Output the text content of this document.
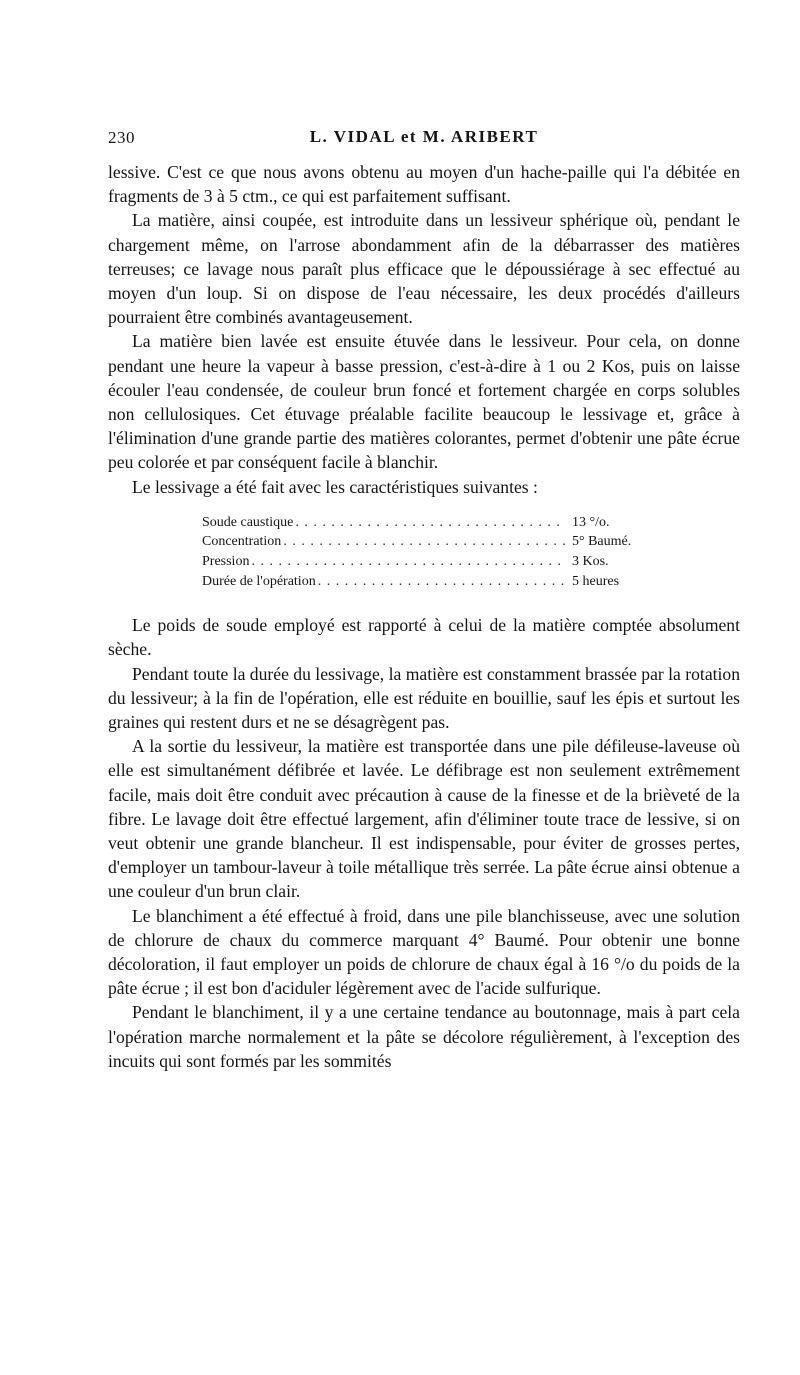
230	L. VIDAL et M. ARIBERT

lessive. C'est ce que nous avons obtenu au moyen d'un hache-paille qui l'a débitée en fragments de 3 à 5 ctm., ce qui est parfaitement suffisant.

La matière, ainsi coupée, est introduite dans un lessiveur sphérique où, pendant le chargement même, on l'arrose abondamment afin de la débarrasser des matières terreuses; ce lavage nous paraît plus efficace que le dépoussiérage à sec effectué au moyen d'un loup. Si on dispose de l'eau nécessaire, les deux procédés d'ailleurs pourraient être combinés avantageusement.

La matière bien lavée est ensuite étuvée dans le lessiveur. Pour cela, on donne pendant une heure la vapeur à basse pression, c'est-à-dire à 1 ou 2 Kos, puis on laisse écouler l'eau condensée, de couleur brun foncé et fortement chargée en corps solubles non cellulosiques. Cet étuvage préalable facilite beaucoup le lessivage et, grâce à l'élimination d'une grande partie des matières colorantes, permet d'obtenir une pâte écrue peu colorée et par conséquent facile à blanchir.

Le lessivage a été fait avec les caractéristiques suivantes :

Soude caustique . . .	13 °/o.
Concentration . . .	5° Baumé.
Pression . . .	3 Kos.
Durée de l'opération . . .	5 heures

Le poids de soude employé est rapporté à celui de la matière comptée absolument sèche.

Pendant toute la durée du lessivage, la matière est constamment brassée par la rotation du lessiveur; à la fin de l'opération, elle est réduite en bouillie, sauf les épis et surtout les graines qui restent durs et ne se désagrègent pas.

A la sortie du lessiveur, la matière est transportée dans une pile défileuse-laveuse où elle est simultanément défibrée et lavée. Le défibrage est non seulement extrêmement facile, mais doit être conduit avec précaution à cause de la finesse et de la brièveté de la fibre. Le lavage doit être effectué largement, afin d'éliminer toute trace de lessive, si on veut obtenir une grande blancheur. Il est indispensable, pour éviter de grosses pertes, d'employer un tambour-laveur à toile métallique très serrée. La pâte écrue ainsi obtenue a une couleur d'un brun clair.

Le blanchiment a été effectué à froid, dans une pile blanchisseuse, avec une solution de chlorure de chaux du commerce marquant 4° Baumé. Pour obtenir une bonne décoloration, il faut employer un poids de chlorure de chaux égal à 16 °/o du poids de la pâte écrue ; il est bon d'aciduler légèrement avec de l'acide sulfurique.

Pendant le blanchiment, il y a une certaine tendance au boutonnage, mais à part cela l'opération marche normalement et la pâte se décolore régulièrement, à l'exception des incuits qui sont formés par les sommités
